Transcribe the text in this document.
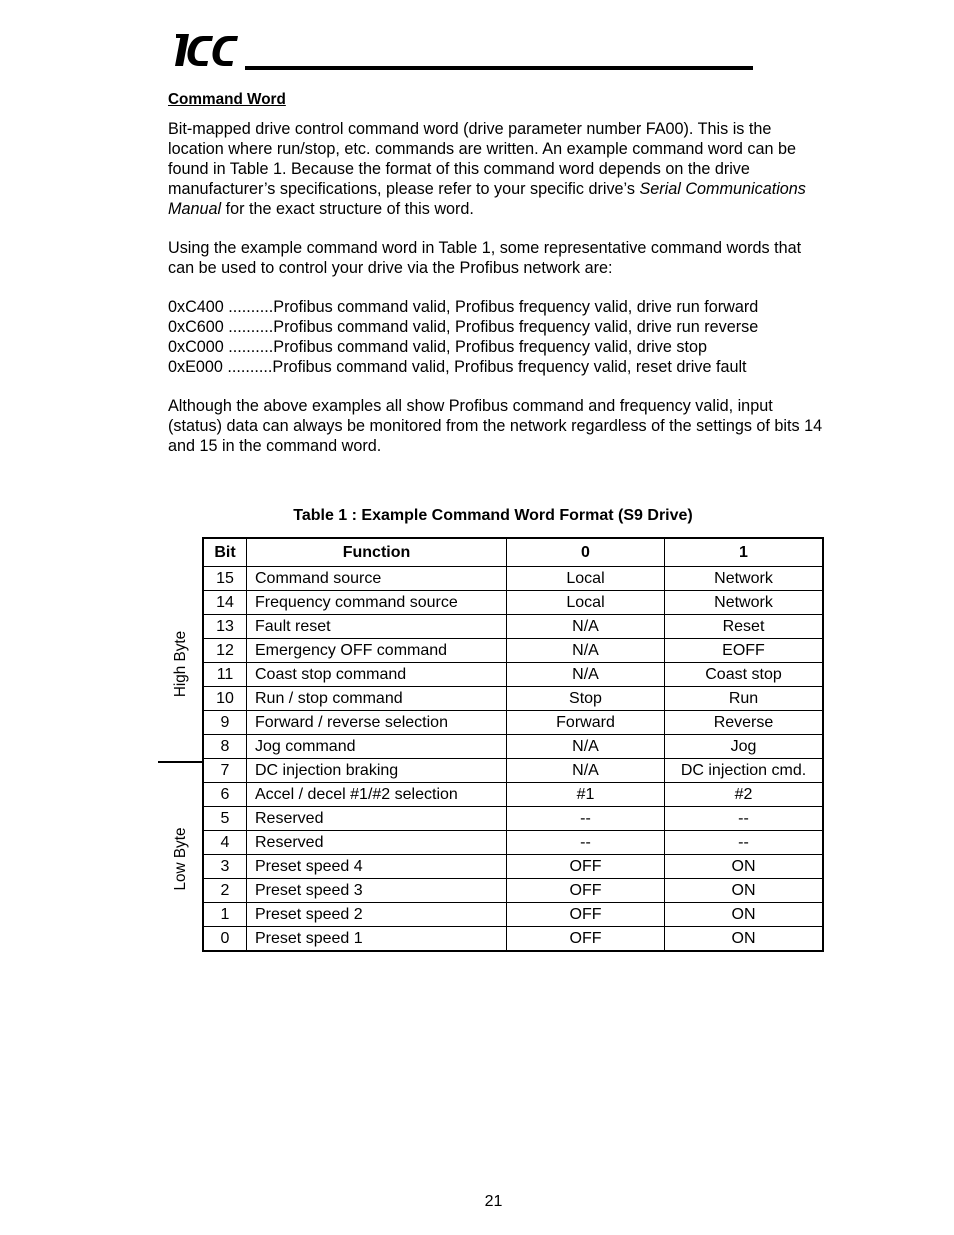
ICC
Command Word

Bit-mapped drive control command word (drive parameter number FA00). This is the location where run/stop, etc. commands are written. An example command word can be found in Table 1. Because the format of this command word depends on the drive manufacturer’s specifications, please refer to your specific drive’s Serial Communications Manual for the exact structure of this word.

Using the example command word in Table 1, some representative command words that can be used to control your drive via the Profibus network are:

0xC400 ..........Profibus command valid, Profibus frequency valid, drive run forward
0xC600 ..........Profibus command valid, Profibus frequency valid, drive run reverse
0xC000 ..........Profibus command valid, Profibus frequency valid, drive stop
0xE000 ..........Profibus command valid, Profibus frequency valid, reset drive fault

Although the above examples all show Profibus command and frequency valid, input (status) data can always be monitored from the network regardless of the settings of bits 14 and 15 in the command word.

Table 1 : Example Command Word Format (S9 Drive)
High Byte
Low Byte
Bit	Function	0	1
15	Command source	Local	Network
14	Frequency command source	Local	Network
13	Fault reset	N/A	Reset
12	Emergency OFF command	N/A	EOFF
11	Coast stop command	N/A	Coast stop
10	Run / stop command	Stop	Run
9	Forward / reverse selection	Forward	Reverse
8	Jog command	N/A	Jog
7	DC injection braking	N/A	DC injection cmd.
6	Accel / decel #1/#2 selection	#1	#2
5	Reserved	--	--
4	Reserved	--	--
3	Preset speed 4	OFF	ON
2	Preset speed 3	OFF	ON
1	Preset speed 2	OFF	ON
0	Preset speed 1	OFF	ON
21
